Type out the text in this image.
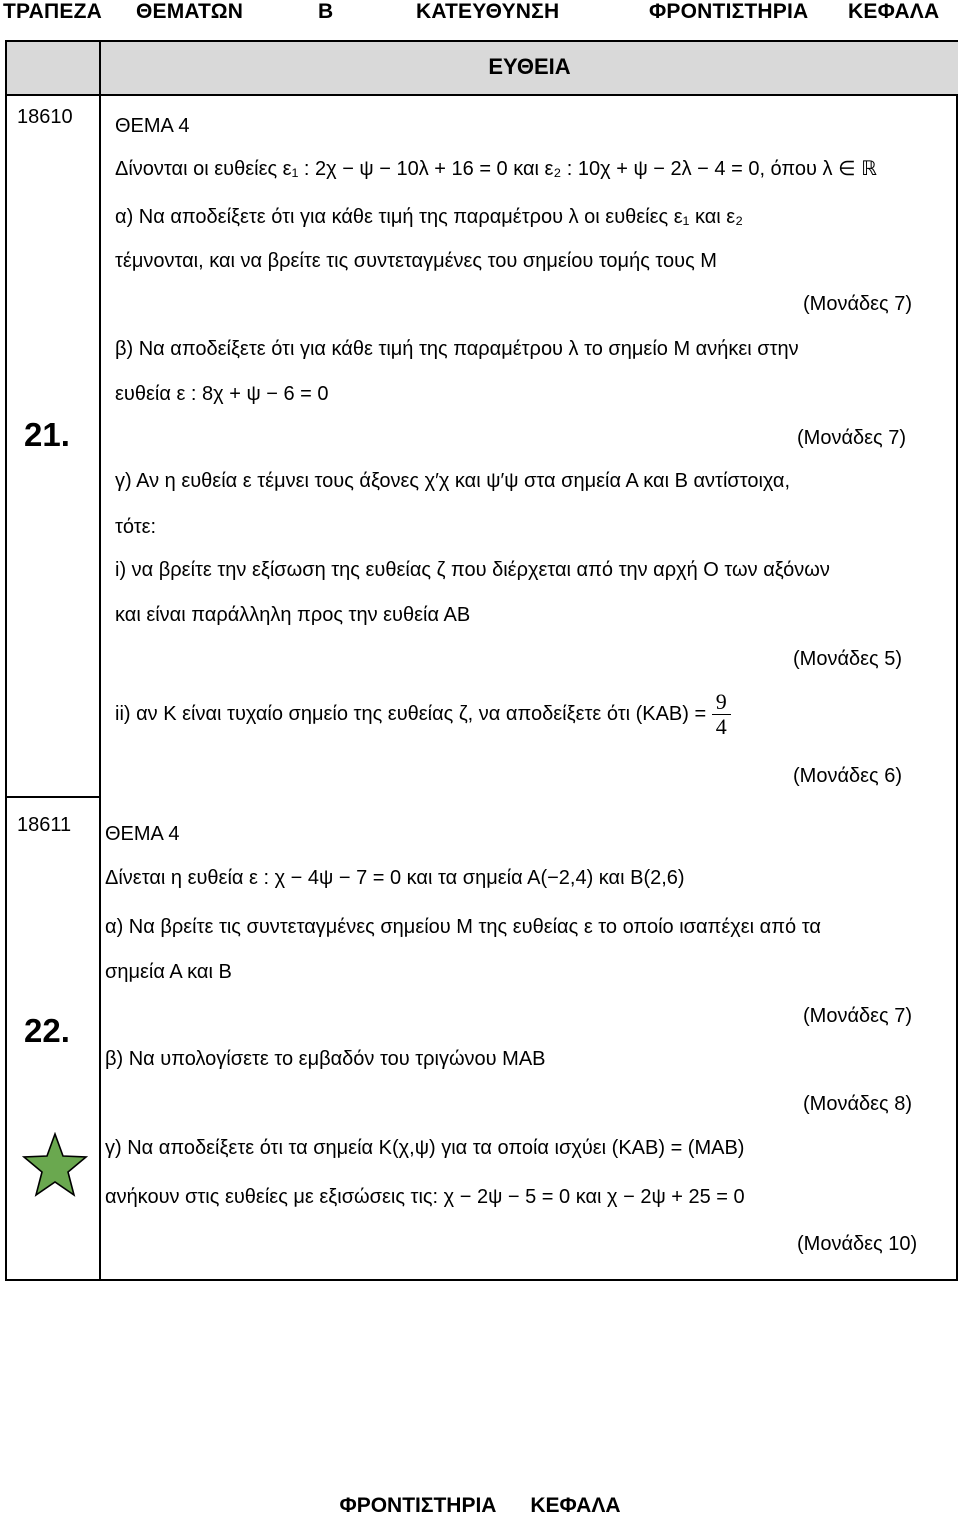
ΤΡΑΠΕΖΑ ΘΕΜΑΤΩΝ	Β	ΚΑΤΕΥΘΥΝΣΗ	ΦΡΟΝΤΙΣΤΗΡΙΑ ΚΕΦΑΛΑ
ΕΥΘΕΙΑ
18610
21.
ΘΕΜΑ 4
Δίνονται οι ευθείες ε₁ : 2χ − ψ − 10λ + 16 = 0 και ε₂ : 10χ + ψ − 2λ − 4 = 0, όπου λ ∈ ℝ
α) Να αποδείξετε ότι για κάθε τιμή της παραμέτρου λ οι ευθείες ε₁ και ε₂
τέμνονται, και να βρείτε τις συντεταγμένες του σημείου τομής τους Μ
(Μονάδες 7)
β) Να αποδείξετε ότι για κάθε τιμή της παραμέτρου λ το σημείο Μ ανήκει στην
ευθεία ε : 8χ + ψ − 6 = 0
(Μονάδες 7)
γ) Αν η ευθεία ε τέμνει τους άξονες χ′χ και ψ′ψ στα σημεία Α και Β αντίστοιχα,
τότε:
i) να βρείτε την εξίσωση της ευθείας ζ που διέρχεται από την αρχή Ο των αξόνων
και είναι παράλληλη προς την ευθεία ΑΒ
(Μονάδες 5)
ii) αν Κ είναι τυχαίο σημείο της ευθείας ζ, να αποδείξετε ότι $(KAB) = \frac{9}{4}$
(Μονάδες 6)
18611
22.
ΘΕΜΑ 4
Δίνεται η ευθεία ε : χ − 4ψ − 7 = 0 και τα σημεία Α(−2,4) και Β(2,6)
α) Να βρείτε τις συντεταγμένες σημείου Μ της ευθείας ε το οποίο ισαπέχει από τα
σημεία Α και Β
(Μονάδες 7)
β) Να υπολογίσετε το εμβαδόν του τριγώνου ΜΑΒ
(Μονάδες 8)
γ) Να αποδείξετε ότι τα σημεία Κ(χ,ψ) για τα οποία ισχύει (ΚΑΒ) = (ΜΑΒ)
ανήκουν στις ευθείες με εξισώσεις τις: χ − 2ψ − 5 = 0 και χ − 2ψ + 25 = 0
(Μονάδες 10)
ΦΡΟΝΤΙΣΤΗΡΙΑ ΚΕΦΑΛΑ
